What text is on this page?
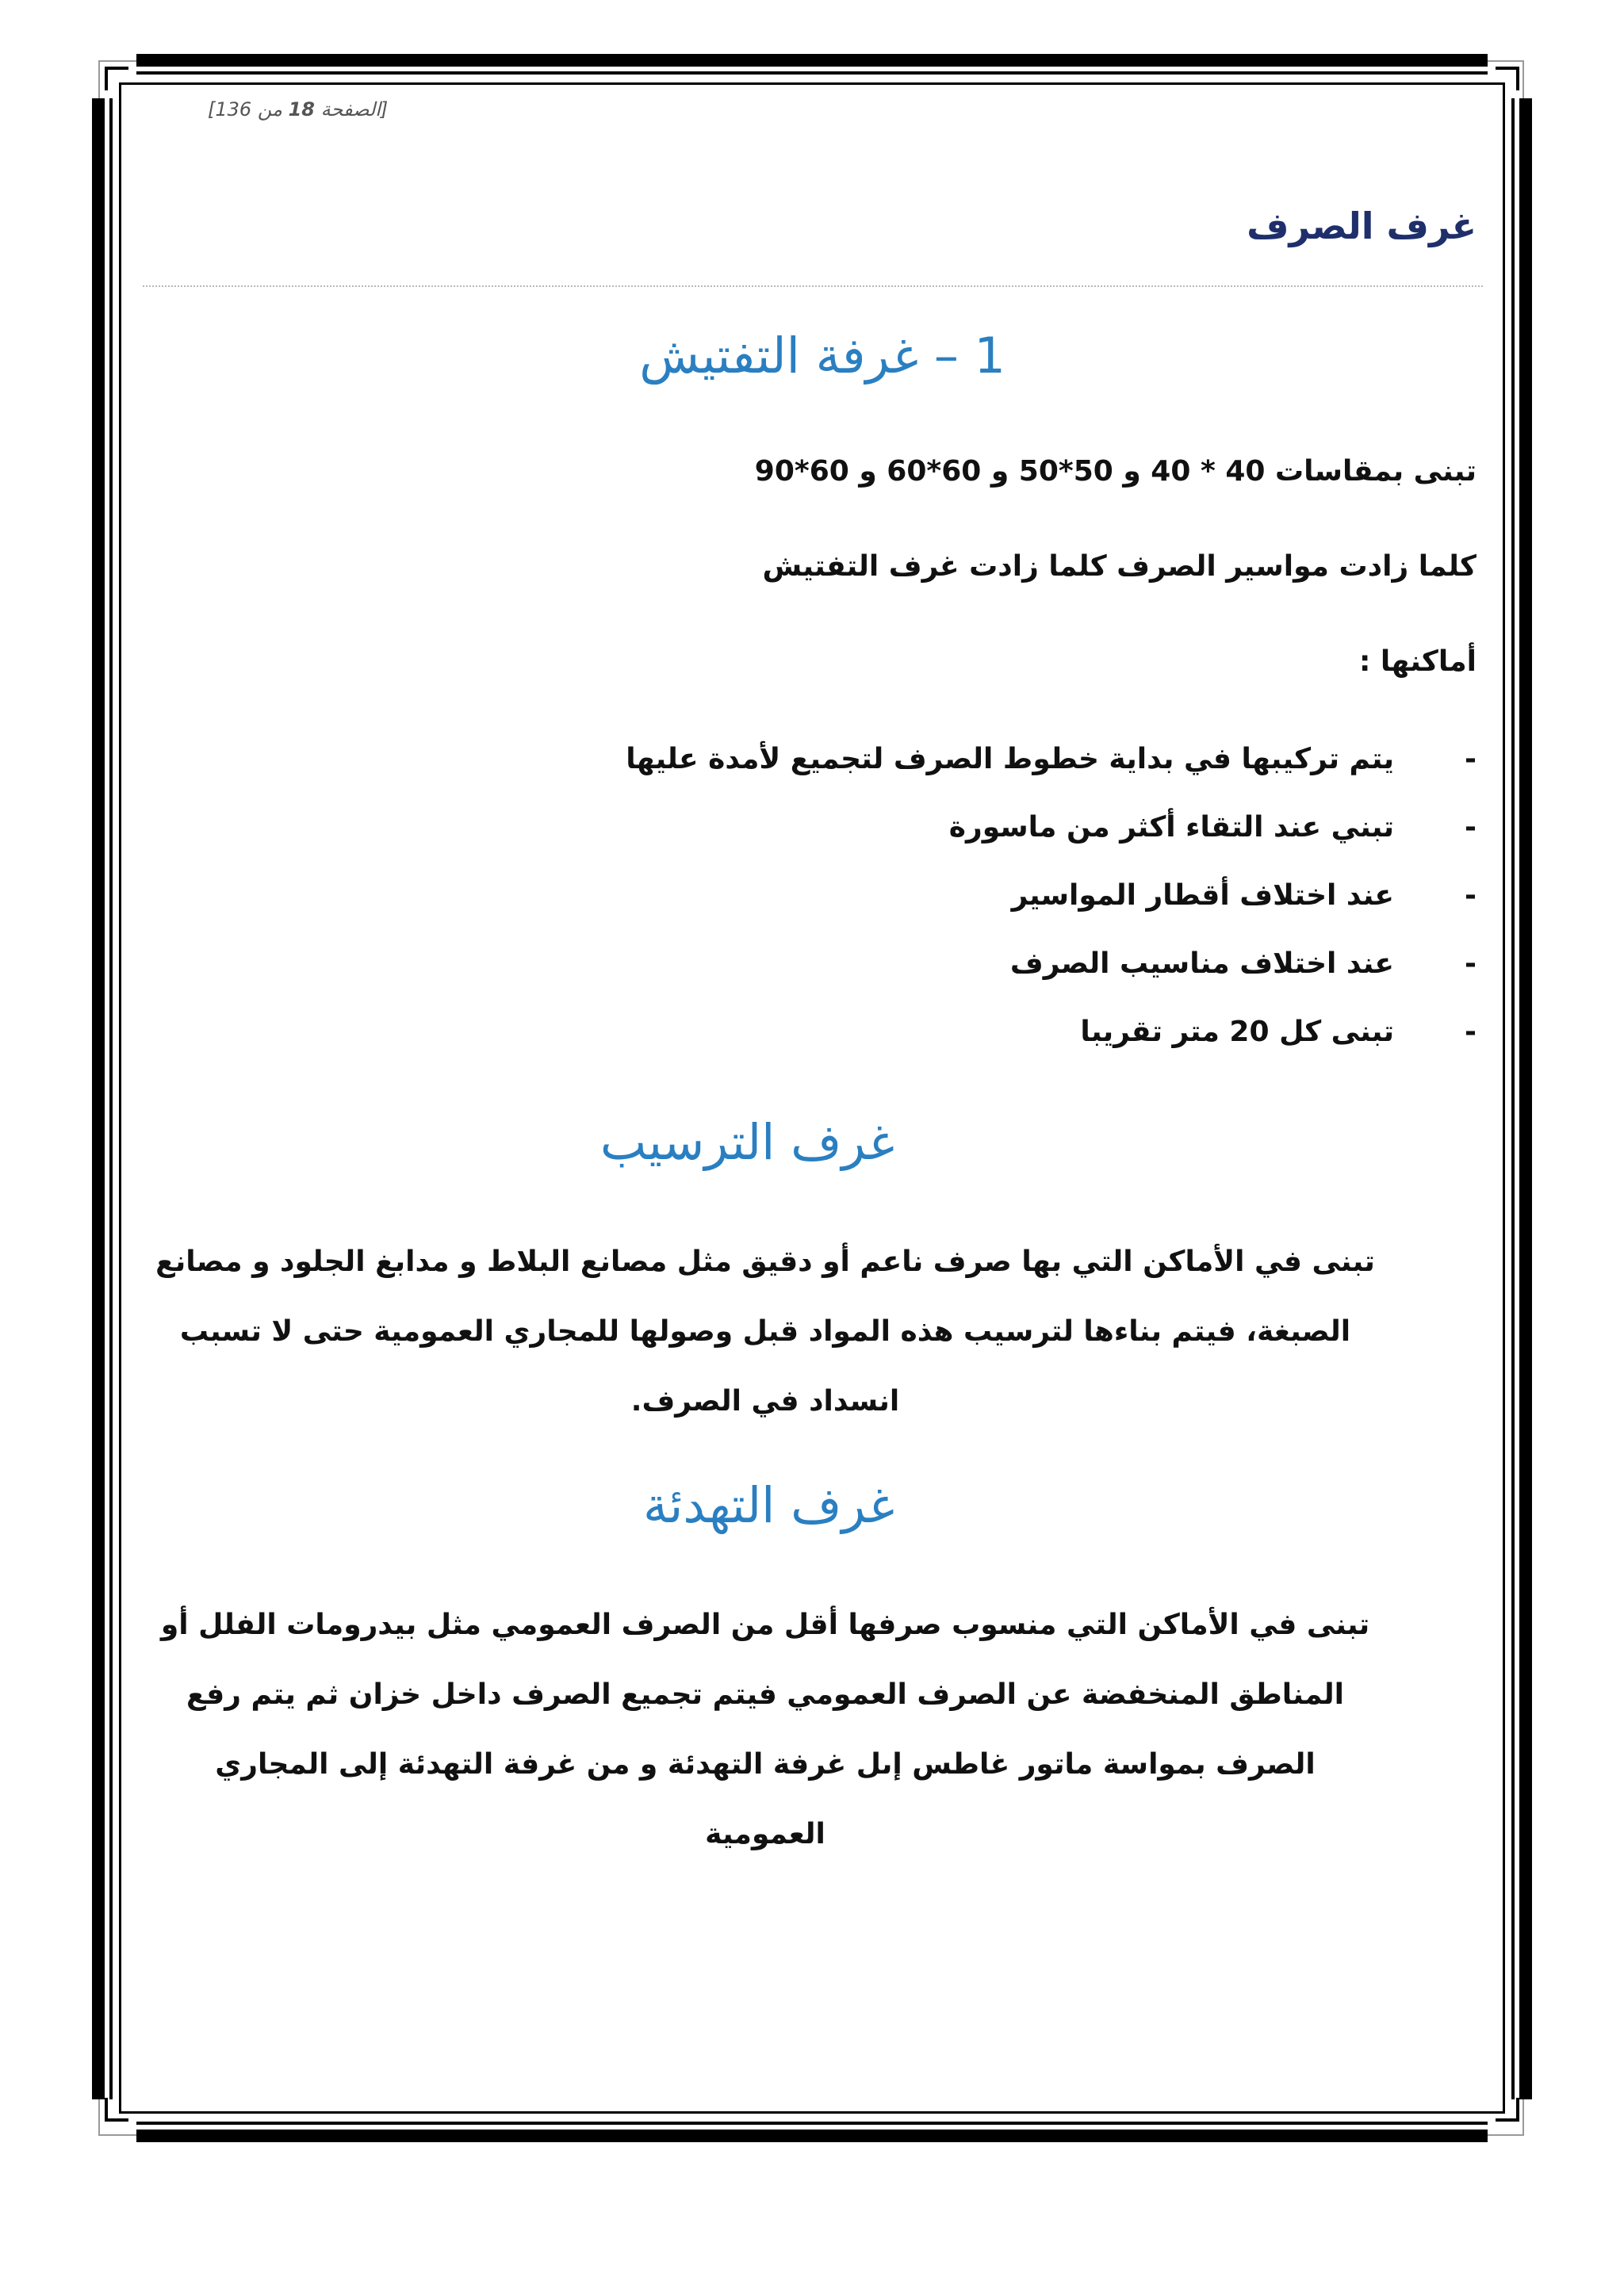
[الصفحة 18 من 136]
غرف الصرف
1 – غرفة التفتيش

تبنى بمقاسات 40 * 40 و 50*50 و 60*60 و 60*90

كلما زادت مواسير الصرف كلما زادت غرف التفتيش

أماكنها :

-
يتم تركيبها في بداية خطوط الصرف لتجميع لأمدة عليها
-
تبني عند التقاء أكثر من ماسورة
-
عند اختلاف أقطار المواسير
-
عند اختلاف مناسيب الصرف
-
تبنى كل 20 متر تقريبا
غرف الترسيب

تبنى في الأماكن التي بها صرف ناعم أو دقيق مثل مصانع البلاط و مدابغ الجلود و مصانع الصبغة، فيتم بناءها لترسيب هذه المواد قبل وصولها للمجاري العمومية حتى لا تسبب انسداد في الصرف.

غرف التهدئة

تبنى في الأماكن التي منسوب صرفها أقل من الصرف العمومي مثل بيدرومات الفلل أو المناطق المنخفضة عن الصرف العمومي فيتم تجميع الصرف داخل خزان ثم يتم رفع الصرف بمواسة ماتور غاطس إىل غرفة التهدئة و من غرفة التهدئة إلى المجاري العمومية
